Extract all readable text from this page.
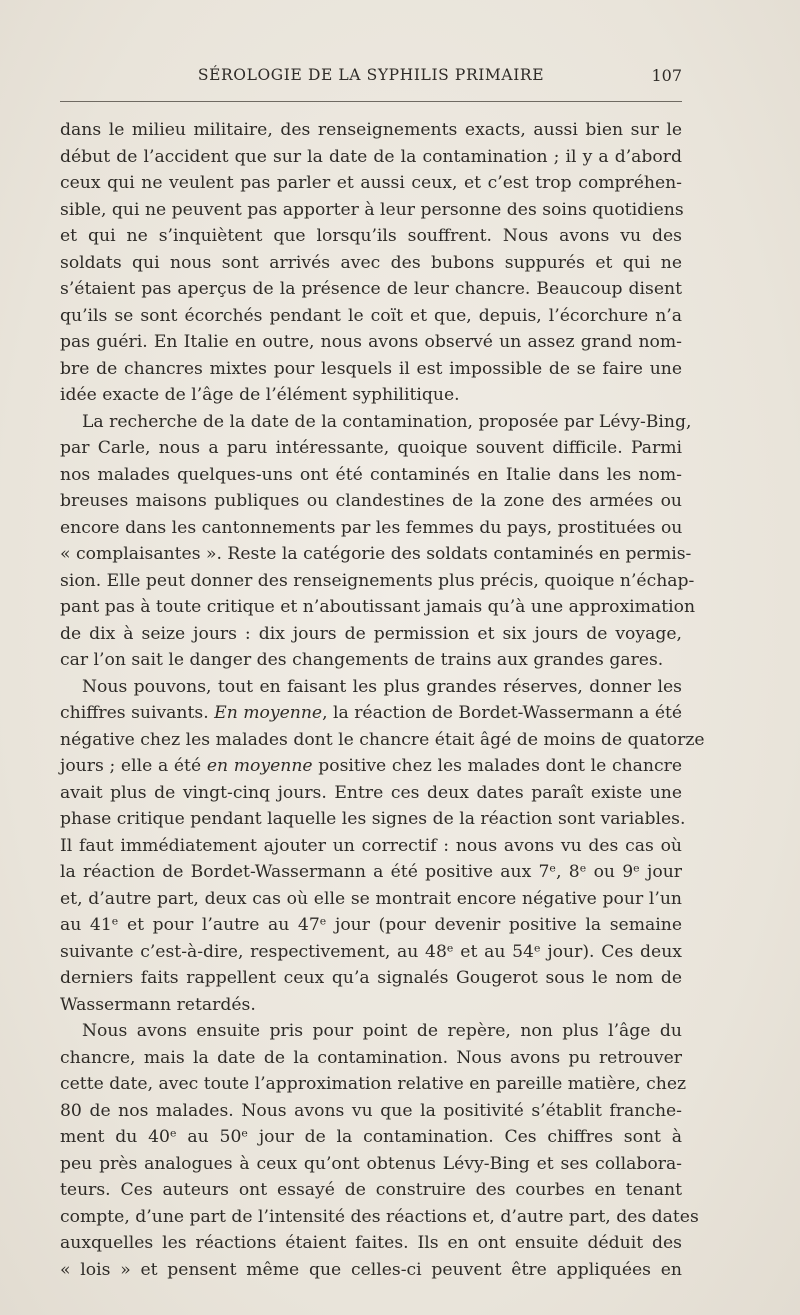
SÉROLOGIE DE LA SYPHILIS PRIMAIRE	107
dans le milieu militaire, des renseignements exacts, aussi bien sur le
début de l’accident que sur la date de la contamination ; il y a d’abord
ceux qui ne veulent pas parler et aussi ceux, et c’est trop compréhen-
sible, qui ne peuvent pas apporter à leur personne des soins quotidiens
et qui ne s’inquiètent que lorsqu’ils souffrent. Nous avons vu des
soldats qui nous sont arrivés avec des bubons suppurés et qui ne
s’étaient pas aperçus de la présence de leur chancre. Beaucoup disent
qu’ils se sont écorchés pendant le coït et que, depuis, l’écorchure n’a
pas guéri. En Italie en outre, nous avons observé un assez grand nom-
bre de chancres mixtes pour lesquels il est impossible de se faire une
idée exacte de l’âge de l’élément syphilitique.
La recherche de la date de la contamination, proposée par Lévy-Bing,
par Carle, nous a paru intéressante, quoique souvent difficile. Parmi
nos malades quelques-uns ont été contaminés en Italie dans les nom-
breuses maisons publiques ou clandestines de la zone des armées ou
encore dans les cantonnements par les femmes du pays, prostituées ou
« complaisantes ». Reste la catégorie des soldats contaminés en permis-
sion. Elle peut donner des renseignements plus précis, quoique n’échap-
pant pas à toute critique et n’aboutissant jamais qu’à une approximation
de dix à seize jours : dix jours de permission et six jours de voyage,
car l’on sait le danger des changements de trains aux grandes gares.
Nous pouvons, tout en faisant les plus grandes réserves, donner les
chiffres suivants. En moyenne, la réaction de Bordet-Wassermann a été
négative chez les malades dont le chancre était âgé de moins de quatorze
jours ; elle a été en moyenne positive chez les malades dont le chancre
avait plus de vingt-cinq jours. Entre ces deux dates paraît existe une
phase critique pendant laquelle les signes de la réaction sont variables.
Il faut immédiatement ajouter un correctif : nous avons vu des cas où
la réaction de Bordet-Wassermann a été positive aux 7ᵉ, 8ᵉ ou 9ᵉ jour
et, d’autre part, deux cas où elle se montrait encore négative pour l’un
au 41ᵉ et pour l’autre au 47ᵉ jour (pour devenir positive la semaine
suivante c’est-à-dire, respectivement, au 48ᵉ et au 54ᵉ jour). Ces deux
derniers faits rappellent ceux qu’a signalés Gougerot sous le nom de
Wassermann retardés.
Nous avons ensuite pris pour point de repère, non plus l’âge du
chancre, mais la date de la contamination. Nous avons pu retrouver
cette date, avec toute l’approximation relative en pareille matière, chez
80 de nos malades. Nous avons vu que la positivité s’établit franche-
ment du 40ᵉ au 50ᵉ jour de la contamination. Ces chiffres sont à
peu près analogues à ceux qu’ont obtenus Lévy-Bing et ses collabora-
teurs. Ces auteurs ont essayé de construire des courbes en tenant
compte, d’une part de l’intensité des réactions et, d’autre part, des dates
auxquelles les réactions étaient faites. Ils en ont ensuite déduit des
« lois » et pensent même que celles-ci peuvent être appliquées en
